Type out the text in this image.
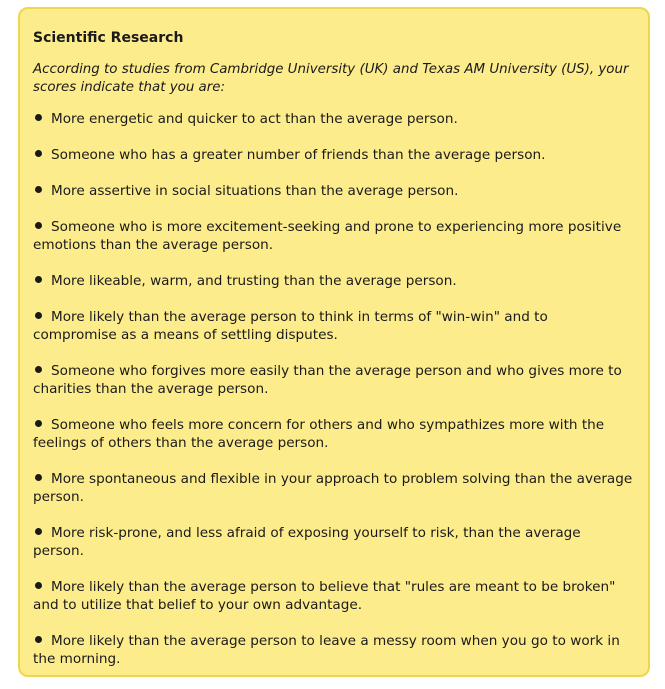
Scientific Research
According to studies from Cambridge University (UK) and Texas AM University (US), your scores indicate that you are:
More energetic and quicker to act than the average person.
Someone who has a greater number of friends than the average person.
More assertive in social situations than the average person.
Someone who is more excitement-seeking and prone to experiencing more positive emotions than the average person.
More likeable, warm, and trusting than the average person.
More likely than the average person to think in terms of "win-win" and to compromise as a means of settling disputes.
Someone who forgives more easily than the average person and who gives more to charities than the average person.
Someone who feels more concern for others and who sympathizes more with the feelings of others than the average person.
More spontaneous and flexible in your approach to problem solving than the average person.
More risk-prone, and less afraid of exposing yourself to risk, than the average person.
More likely than the average person to believe that "rules are meant to be broken" and to utilize that belief to your own advantage.
More likely than the average person to leave a messy room when you go to work in the morning.
